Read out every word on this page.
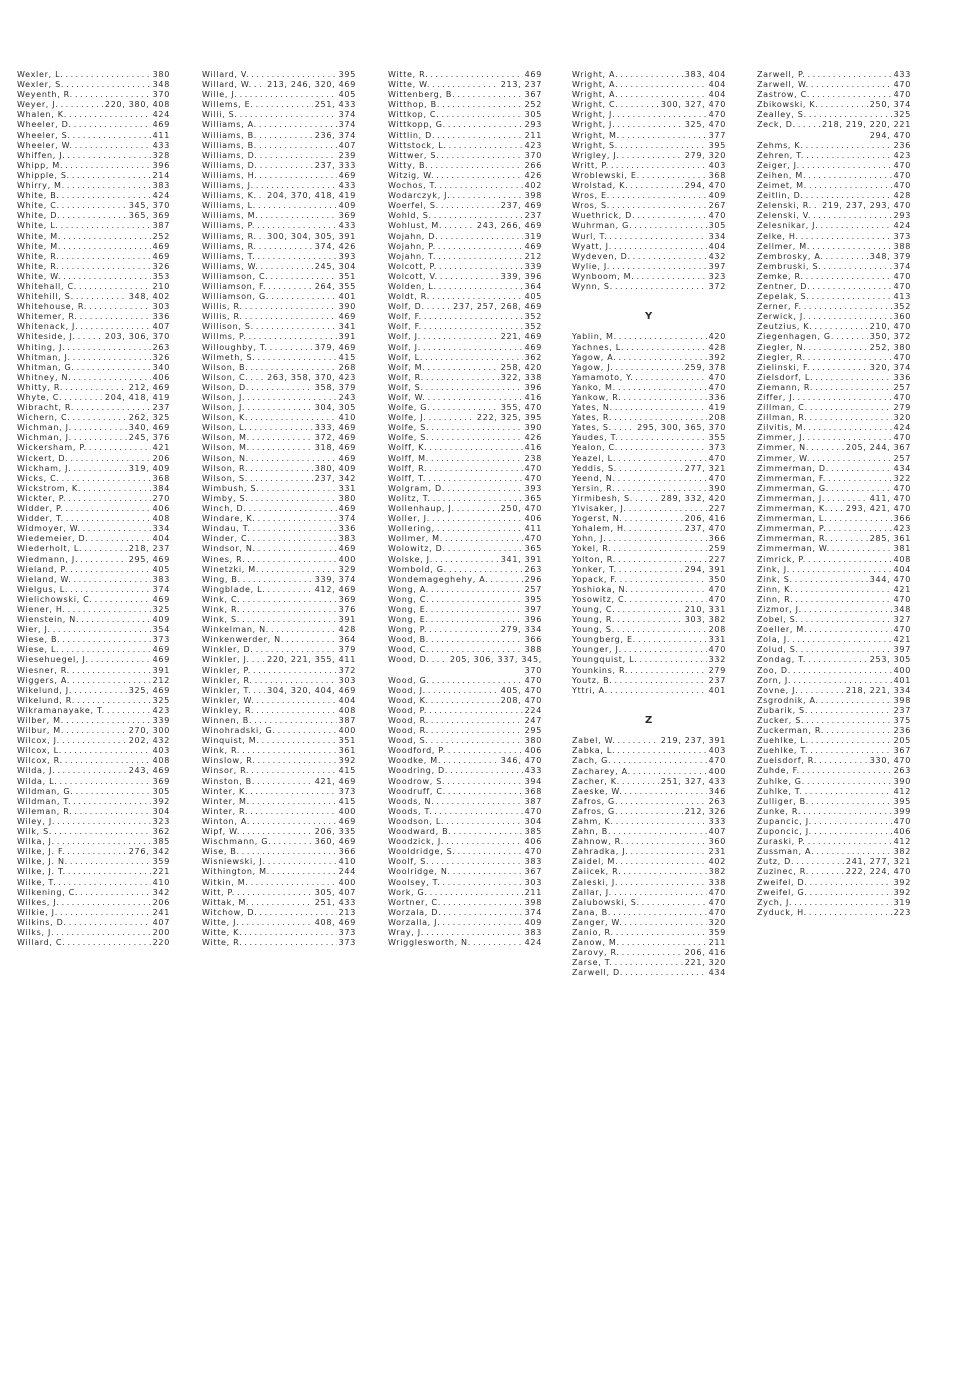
Wexler, L. . . .	380
Wexler, S. . . .	348
Weyenth, R. . . .	370
Weyer, J. . . .	220, 380, 408
Whalen, K. . . .	424
Wheeler, D. . . .	469
Wheeler, S. . . .	411
Wheeler, W. . . .	433
Whiffen, J. . . .	328
Whipp, M. . . .	396
Whipple, S. . . .	214
Whirry, M. . . .	383
White, B. . . .	424
White, C. . . .	345, 370
White, D. . . .	365, 369
White, L. . . .	387
White, M. . . .	252
White, M. . . .	469
White, R. . . .	469
White, R. . . .	326
White, W. . . .	353
Whitehall, C. . . .	210
Whitehill, S. . . .	348, 402
Whitehouse, R. . . .	303
Whitemer, R. . . .	336
Whitenack, J. . . .	407
Whiteside, J. . . .	203, 306, 370
Whiting, J. . . .	263
Whitman, J. . . .	326
Whitman, G. . . .	340
Whitney, N. . . .	406
Whitty, R. . . .	212, 469
Whyte, C. . . .	204, 418, 419
Wibracht, R. . . .	237
Wichern, C. . . .	262, 325
Wichman, J. . . .	340, 469
Wichman, J. . . .	245, 376
Wickersham, P. . . .	421
Wickert, D. . . .	206
Wickham, J. . . .	319, 409
Wicks, C. . . .	368
Wickstrom, K. . . .	384
Wickter, P. . . .	270
Widder, P. . . .	406
Widder, T. . . .	408
Widmoyer, W. . . .	334
Wiedemeier, D. . . .	404
Wiederholt, L. . . .	218, 237
Wiedmann, J. . . .	295, 469
Wieland, P. . . .	405
Wieland, W. . . .	383
Wielgus, L. . . .	374
Wielichowski, C. . . .	469
Wiener, H. . . .	325
Wienstein, N. . . .	409
Wier, J. . . .	354
Wiese, B. . . .	373
Wiese, L. . . .	469
Wiesehuegel, J. . . .	469
Wiesner, R. . . .	391
Wiggers, A. . . .	212
Wikelund, J. . . .	325, 469
Wikelund, R. . . .	325
Wikramanayake, T. . . .	423
Wilber, M. . . .	339
Wilbur, M. . . .	270, 300
Wilcox, J. . . .	202, 432
Wilcox, L. . . .	403
Wilcox, R. . . .	408
Wilda, J. . . .	243, 469
Wilda, L. . . .	369
Wildman, G. . . .	305
Wildman, T. . . .	392
Wileman, R. . . .	304
Wiley, J. . . .	323
Wilk, S. . . .	362
Wilka, J. . . .	385
Wilke, J. F. . . .	276, 342
Wilke, J. N. . . .	359
Wilke, J. T. . . .	221
Wilke, T. . . .	410
Wilkening, C. . . .	342
Wilkes, J. . . .	206
Wilkie, J. . . .	241
Wilkins, D. . . .	407
Wilks, J. . . .	200
Willard, C. . . .	220
Willard, V. . . .	395
Willard, W. . . . 213, 246, 320, 469
Wille, J. . . .	405
Willems, E. . . .	251, 433
Willi, S. . . .	374
Williams, A. . . .	374
Williams, B. . . .	236, 374
Williams, B. . . .	407
Williams, D. . . .	239
Williams, D. . . .	237, 333
Williams, H. . . .	469
Williams, J. . . .	433
Williams, K. . . . 204, 370, 418, 419
Williams, L. . . .	409
Williams, M. . . .	369
Williams, P. . . .	433
Williams, R. . . . 300, 304, 305, 391
Williams, R. . . .	374, 426
Williams, T. . . .	393
Williams, W. . . .	245, 304
Williamson, C. . . .	351
Williamson, F. . . .	264, 355
Williamson, G. . . .	401
Willis, R. . . .	390
Willis, R. . . .	469
Willison, S. . . .	341
Willms, P. . . .	391
Willoughby, T. . . .	379, 469
Wilmeth, S. . . .	415
Wilson, B. . . .	268
Wilson, C. . . . 263, 358, 370, 423
Wilson, D. . . .	358, 379
Wilson, J. . . .	243
Wilson, J. . . .	304, 305
Wilson, K. . . .	410
Wilson, L. . . .	333, 469
Wilson, M. . . .	372, 469
Wilson, M. . . .	318, 469
Wilson, N. . . .	469
Wilson, R. . . .	380, 409
Wilson, S. . . .	237, 342
Wimbush, S. . . .	331
Wimby, S. . . .	380
Winch, D. . . .	469
Windare, K. . . .	374
Windau, T. . . .	336
Winder, C. . . .	383
Windsor, N. . . .	469
Wines, R. . . .	400
Winetzki, M. . . .	329
Wing, B. . . .	339, 374
Wingblade, L. . . .	412, 469
Wink, C. . . .	369
Wink, R. . . .	376
Wink, S. . . .	391
Winkelman, N. . . .	428
Winkenwerder, N. . . .	364
Winkler, D. . . .	379
Winkler, J. . . . 220, 221, 355, 411
Winkler, P. . . .	372
Winkler, R. . . .	303
Winkler, T. . . . 304, 320, 404, 469
Winkler, W. . . .	404
Winkley, R. . . .	408
Winnen, B. . . .	387
Winohradski, G. . . .	400
Winquist, M. . . .	351
Wink, R. . . .	361
Winslow, R. . . .	392
Winsor, R. . . .	415
Winston, B. . . .	421, 469
Winter, K. . . .	373
Winter, M. . . .	415
Winter, R. . . .	400
Winton, A. . . .	469
Wipf, W. . . .	206, 335
Wischmann, G. . . .	360, 469
Wise, B. . . .	366
Wisniewski, J. . . .	410
Withington, M. . . .	244
Witkin, M. . . .	400
Witt, P. . . .	305, 407
Wittak, M. . . .	251, 433
Witchow, D. . . .	213
Witte, J. . . .	408, 469
Witte, K. . . .	373
Witte, R. . . .	373
Witte, R. . . .	469
Witte, W. . . .	213, 237
Wittenberg, B. . . .	367
Witthop, B. . . .	252
Wittkop, C. . . .	305
Wittkopp, G. . . .	293
Wittlin, D. . . .	211
Wittstock, L. . . .	423
Wittwer, S. . . .	370
Witty, B. . . .	266
Witzig, W. . . .	426
Wochos, T. . . .	402
Wodarczyk, J. . . .	398
Woerfel, S. . . .	237, 469
Wohld, S. . . .	237
Wohlust, M. . . .	243, 266, 469
Wojahn, D. . . .	319
Wojahn, P. . . .	469
Wojahn, T. . . .	212
Wolcott, P. . . .	339
Wolcott, V. . . .	339, 396
Wolden, L. . . .	364
Woldt, R. . . .	405
Wolf, D. . . .	237, 257, 268, 469
Wolf, F. . . .	352
Wolf, F. . . .	352
Wolf, J. . . .	221, 469
Wolf, J. . . .	469
Wolf, L. . . .	362
Wolf, M. . . .	258, 420
Wolf, R. . . .	322, 338
Wolf, S. . . .	396
Wolf, W. . . .	416
Wolfe, G. . . .	355, 470
Wolfe, J. . . .	222, 325, 395
Wolfe, S. . . .	390
Wolfe, S. . . .	426
Wolff, K. . . .	416
Wolff, M. . . .	238
Wolff, R. . . .	470
Wolff, T. . . .	470
Wolgram, D. . . .	393
Wolitz, T. . . .	365
Wollenhaup, J. . . .	250, 470
Woller, J. . . .	406
Wollering, . . .	411
Wollmer, M. . . .	470
Wolowitz, D. . . .	365
Wolske, J. . . .	341, 391
Wombold, G. . . .	263
Wondemageghehy, A. . . .	296
Wong, A. . . .	257
Wong, C. . . .	395
Wong, E. . . .	397
Wong, E. . . .	396
Wong, P. . . .	279, 334
Wood, B. . . .	366
Wood, C. . . .	388
Wood, D. . . .	205, 306, 337, 345,
370
Wood, G. . . .	470
Wood, J. . . .	405, 470
Wood, K. . . .	208, 470
Wood, P. . . .	224
Wood, R. . . .	247
Wood, R. . . .	295
Wood, S. . . .	380
Woodford, P. . . .	406
Woodke, M. . . .	346, 470
Woodring, D. . . .	433
Woodrow, S. . . .	394
Woodruff, C. . . .	368
Woods, N. . . .	387
Woods, T. . . .	470
Woodson, L. . . .	304
Woodward, B. . . .	385
Woodzick, J. . . .	406
Wooldridge, S. . . .	470
Woolf, S. . . .	383
Woolridge, N. . . .	367
Woolsey, T. . . .	303
Work, G. . . .	211
Wortner, C. . . .	398
Worzala, D. . . .	374
Worzalla, J. . . .	409
Wray, J. . . .	383
Wrigglesworth, N. . . .	424
Wright, A. . . .	383, 404
Wright, A. . . .	404
Wright, A. . . .	404
Wright, C. . . .	300, 327, 470
Wright, J. . . .	470
Wright, J. . . .	325, 470
Wright, M. . . .	377
Wright, S. . . .	395
Wrigley, J. . . .	279, 320
Writt, P. . . .	403
Wroblewski, E. . . .	368
Wrolstad, K. . . .	294, 470
Wros, E. . . .	409
Wros, S. . . .	267
Wuethrick, D. . . .	470
Wuhrman, G. . . .	305
Wurl, T. . . .	334
Wyatt, J. . . .	404
Wydeven, D. . . .	432
Wylie, J. . . .	397
Wynboom, M. . . .	323
Wynn, S. . . .	372
Y
Yablin, M. . . .	420
Yachnes, L. . . .	428
Yagow, A. . . .	392
Yagow, J. . . .	259, 378
Yamamoto, Y. . . .	470
Yanko, M. . . .	470
Yankow, R. . . .	336
Yates, N. . . .	419
Yates, R. . . .	208
Yates, S. . . .	295, 300, 365, 370
Yaudes, T. . . .	355
Yealon, C. . . .	373
Yeazel, L. . . .	470
Yeddis, S. . . .	277, 321
Yeend, N. . . .	470
Yersin, R. . . .	390
Yirmibesh, S. . . .	289, 332, 420
Ylvisaker, J. . . .	227
Yogerst, N. . . .	206, 416
Yohalem, H. . . .	237, 470
Yohn, J. . . .	366
Yokel, R. . . .	259
Yolton, R. . . .	227
Yonker, T. . . .	294, 391
Yopack, F. . . .	350
Yoshioka, N. . . .	470
Yosowitz, C. . . .	470
Young, C. . . .	210, 331
Young, R. . . .	303, 382
Young, S. . . .	208
Youngberg, E. . . .	331
Younger, J. . . .	470
Youngquist, L. . . .	332
Younkins, R. . . .	279
Youtz, B. . . .	237
Yttri, A. . . .	401
Z
Zabel, W. . . .	219, 237, 391
Zabka, L. . . .	403
Zach, G. . . .	470
Zacharey, A. . . .	400
Zacher, K. . . .	251, 327, 433
Zaeske, W. . . .	346
Zafros, G. . . .	263
Zafros, G. . . .	212, 326
Zahm, K. . . .	333
Zahn, B. . . .	407
Zahnow, R. . . .	360
Zahradka, J. . . .	231
Zaidel, M. . . .	402
Zaiicek, R. . . .	382
Zaleski, J. . . .	338
Zallar, J. . . .	470
Zalubowski, S. . . .	470
Zana, B. . . .	470
Zanger, W. . . .	320
Zanio, R. . . .	359
Zanow, M. . . .	211
Zarovy, R. . . .	206, 416
Zarse, T. . . .	221, 320
Zarwell, D. . . .	434
Zarwell, P. . . .	433
Zarwell, W. . . .	470
Zastrow, C. . . .	470
Zbikowski, K. . . .	250, 374
Zealley, S. . . .	325
Zeck, D. . . .	218, 219, 220, 221
294, 470
Zehms, K. . . .	236
Zehren, T. . . .	423
Zeiger, J. . . .	470
Zeihen, M. . . .	470
Zeimet, M. . . .	470
Zeitlin, D. . . .	428
Zelenski, R. . . . 219, 237, 293, 470
Zelenski, V. . . .	293
Zelesnikar, J. . . .	424
Zelke, H. . . .	373
Zellmer, M. . . .	388
Zembrosky, A. . . .	348, 379
Zembruski, S. . . .	374
Zemke, R. . . .	470
Zentner, D. . . .	470
Zepelak, S. . . .	413
Zerner, F. . . .	352
Zerwick, J. . . .	360
Zeutzius, K. . . .	210, 470
Ziegenhagen, G. . . .	350, 372
Ziegler, N. . . .	252, 380
Ziegler, R. . . .	470
Zielinski, F. . . .	320, 374
Zielsdorf, L. . . .	336
Ziemann, R. . . .	257
Ziffer, J. . . .	470
Zillman, C. . . .	279
Zillman, R. . . .	320
Zilvitis, M. . . .	424
Zimmer, J. . . .	470
Zimmer, N. . . .	205, 244, 367
Zimmer, W. . . .	257
Zimmerman, D. . . .	434
Zimmerman, F. . . .	322
Zimmerman, G. . . .	470
Zimmerman, J. . . .	411, 470
Zimmerman, K. . . . 293, 421, 470
Zimmerman, L. . . .	366
Zimmerman, P. . . .	423
Zimmerman, R. . . .	285, 361
Zimmerman, W. . . .	381
Zimrick, P. . . .	408
Zink, J. . . .	404
Zink, S. . . .	344, 470
Zinn, K. . . .	421
Zinn, R. . . .	470
Zizmor, J. . . .	348
Zobel, S. . . .	327
Zoeller, M. . . .	470
Zola, J. . . .	421
Zolud, S. . . .	397
Zondag, T. . . .	253, 305
Zoo, D. . . .	400
Zorn, J. . . .	401
Zovne, J. . . .	218, 221, 334
Zsgrodnik, A. . . .	398
Zubarik, S. . . .	237
Zucker, S. . . .	375
Zuckerman, R. . . .	236
Zuehlke, L. . . .	205
Zuehlke, T. . . .	367
Zuelsdorf, R. . . .	330, 470
Zuhde, F. . . .	263
Zuhlke, G. . . .	390
Zuhlke, T. . . .	412
Zulliger, B. . . .	395
Zunke, R. . . .	399
Zupancic, J. . . .	470
Zuponcic, J. . . .	406
Zuraski, P. . . .	412
Zussman, A. . . .	382
Zutz, D. . . .	241, 277, 321
Zuzinec, R. . . .	222, 224, 470
Zweifel, D. . . .	392
Zweifel, G. . . .	392
Zych, J. . . .	319
Zyduck, H. . . .	223
